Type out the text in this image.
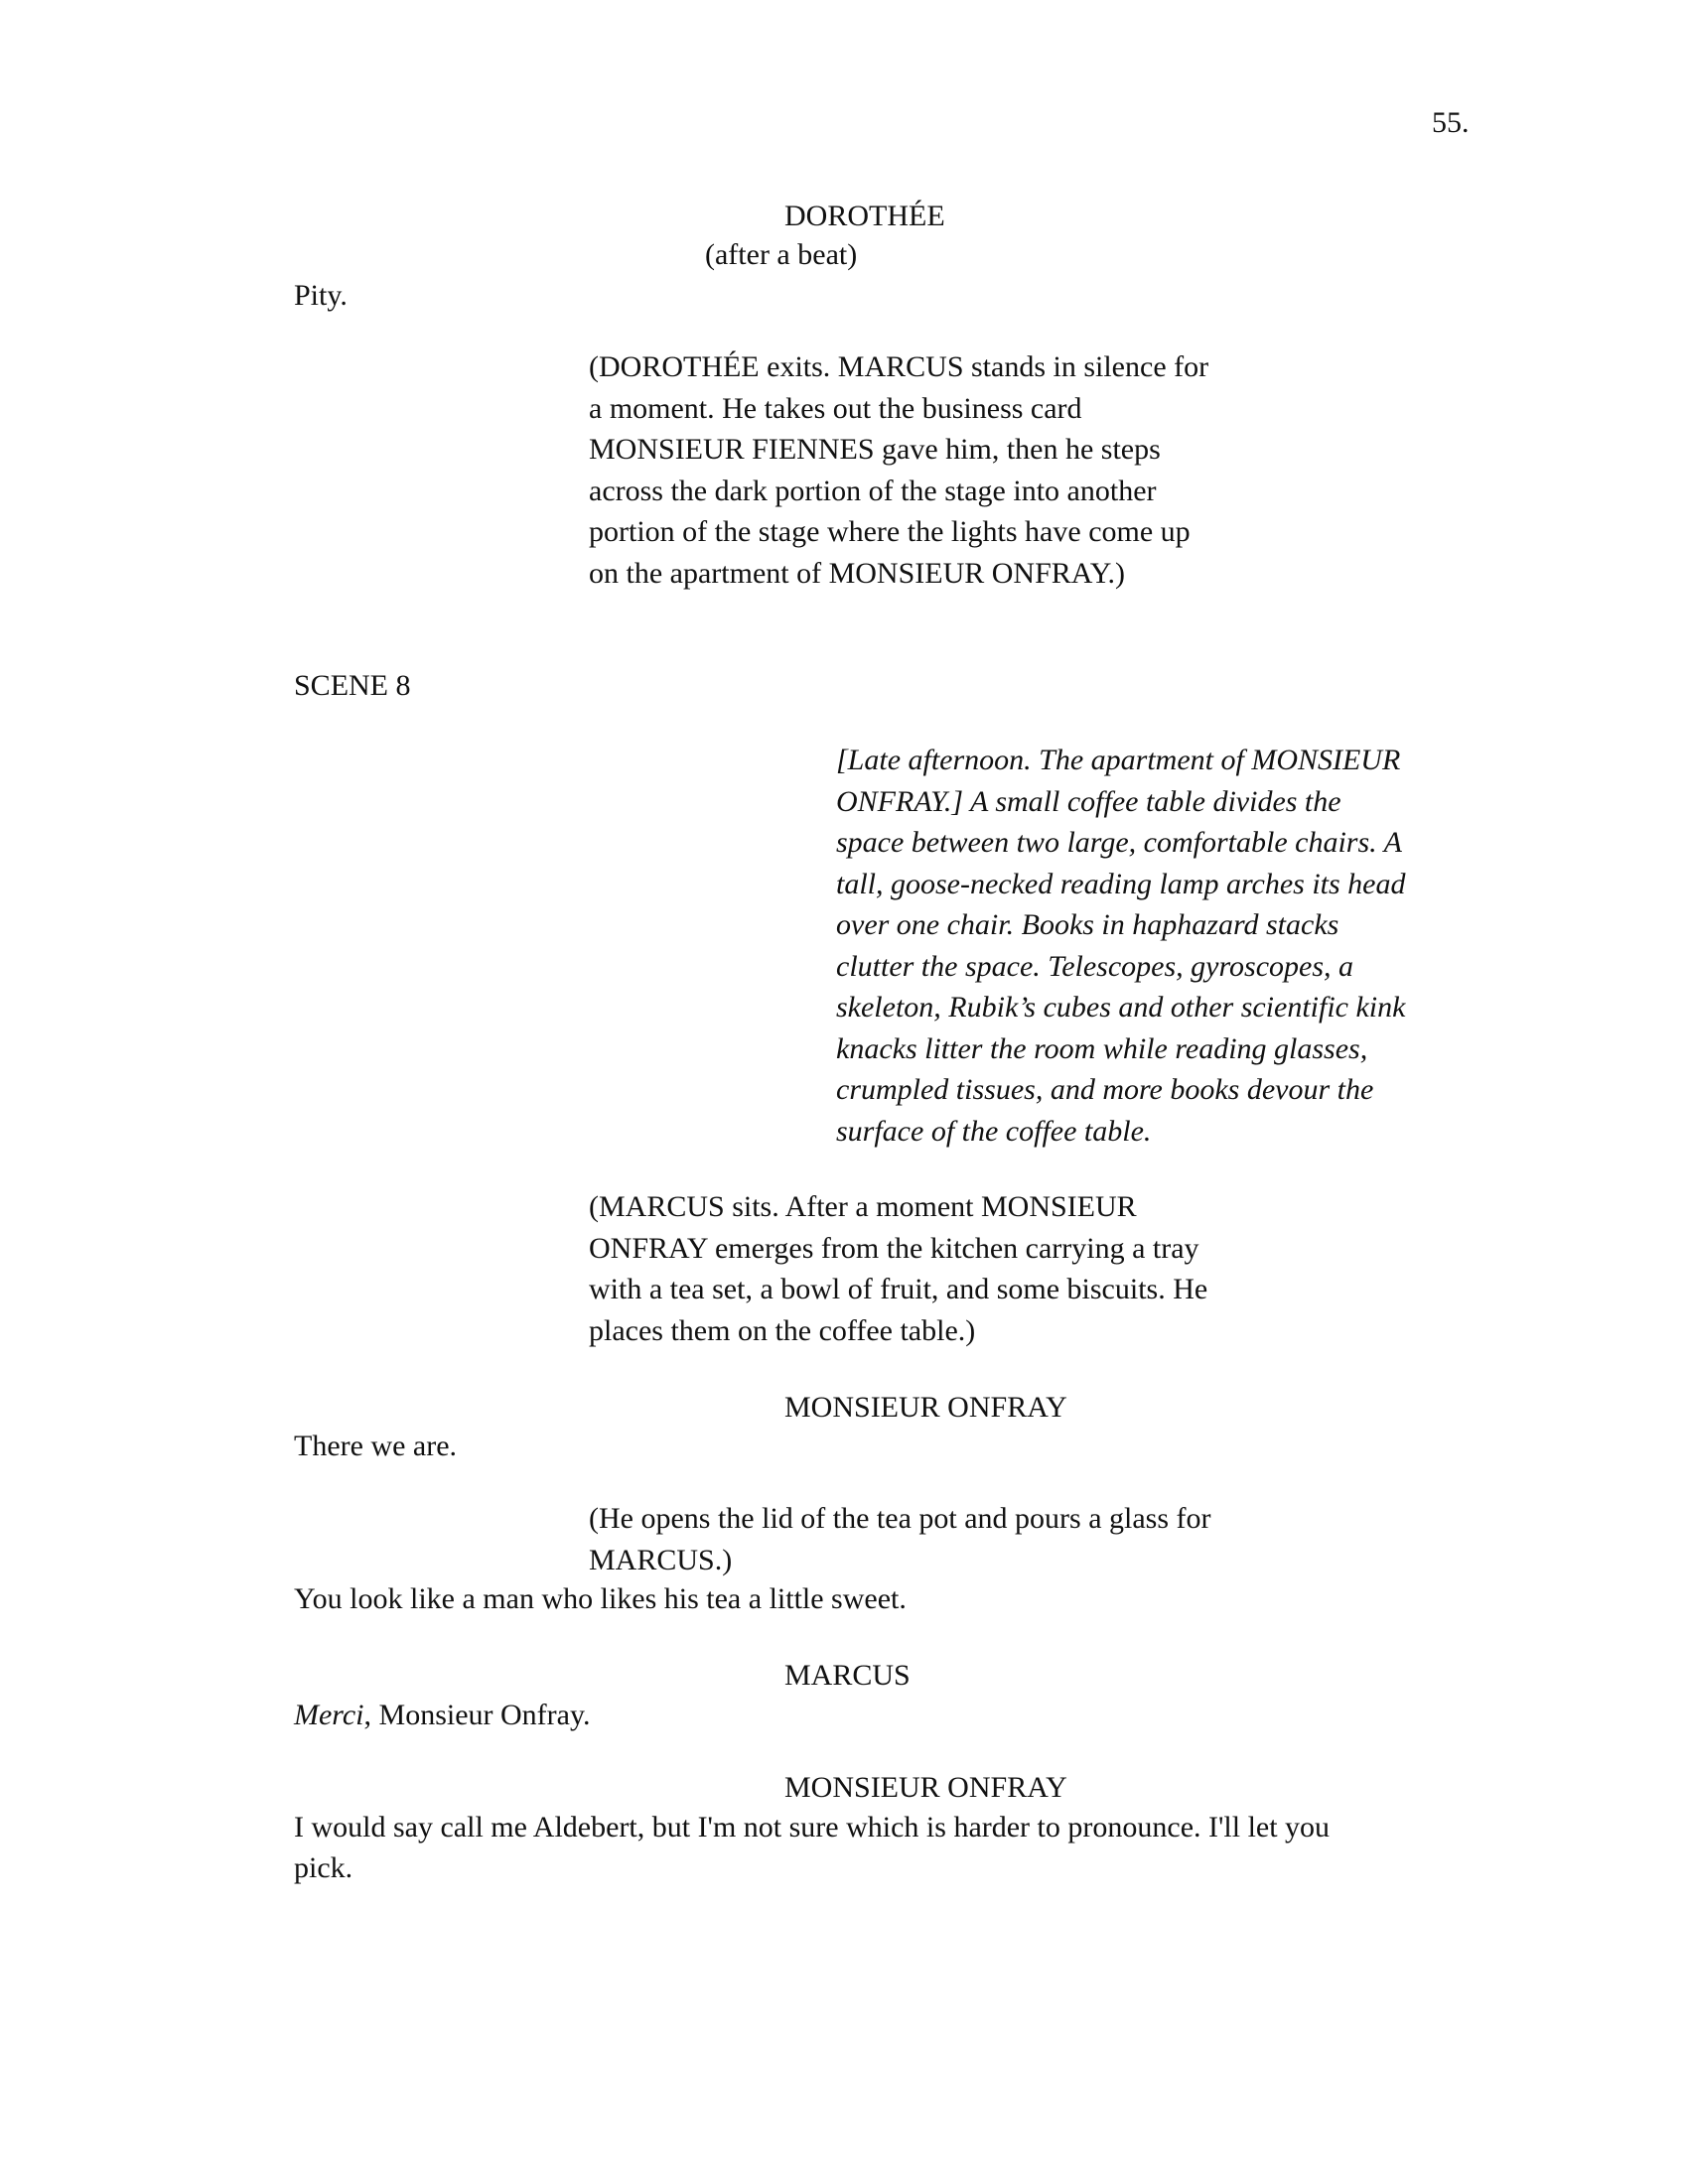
55.
DOROTHÉE
(after a beat)
Pity.
(DOROTHÉE exits. MARCUS stands in silence for
a moment. He takes out the business card
MONSIEUR FIENNES gave him, then he steps
across the dark portion of the stage into another
portion of the stage where the lights have come up
on the apartment of MONSIEUR ONFRAY.)
SCENE 8
[Late afternoon. The apartment of MONSIEUR
ONFRAY.] A small coffee table divides the
space between two large, comfortable chairs. A
tall, goose-necked reading lamp arches its head
over one chair. Books in haphazard stacks
clutter the space. Telescopes, gyroscopes, a
skeleton, Rubik’s cubes and other scientific kink
knacks litter the room while reading glasses,
crumpled tissues, and more books devour the
surface of the coffee table.
(MARCUS sits. After a moment MONSIEUR
ONFRAY emerges from the kitchen carrying a tray
with a tea set, a bowl of fruit, and some biscuits. He
places them on the coffee table.)
MONSIEUR ONFRAY
There we are.
(He opens the lid of the tea pot and pours a glass for
MARCUS.)
You look like a man who likes his tea a little sweet.
MARCUS
Merci, Monsieur Onfray.
MONSIEUR ONFRAY
I would say call me Aldebert, but I'm not sure which is harder to pronounce. I'll let you
pick.
